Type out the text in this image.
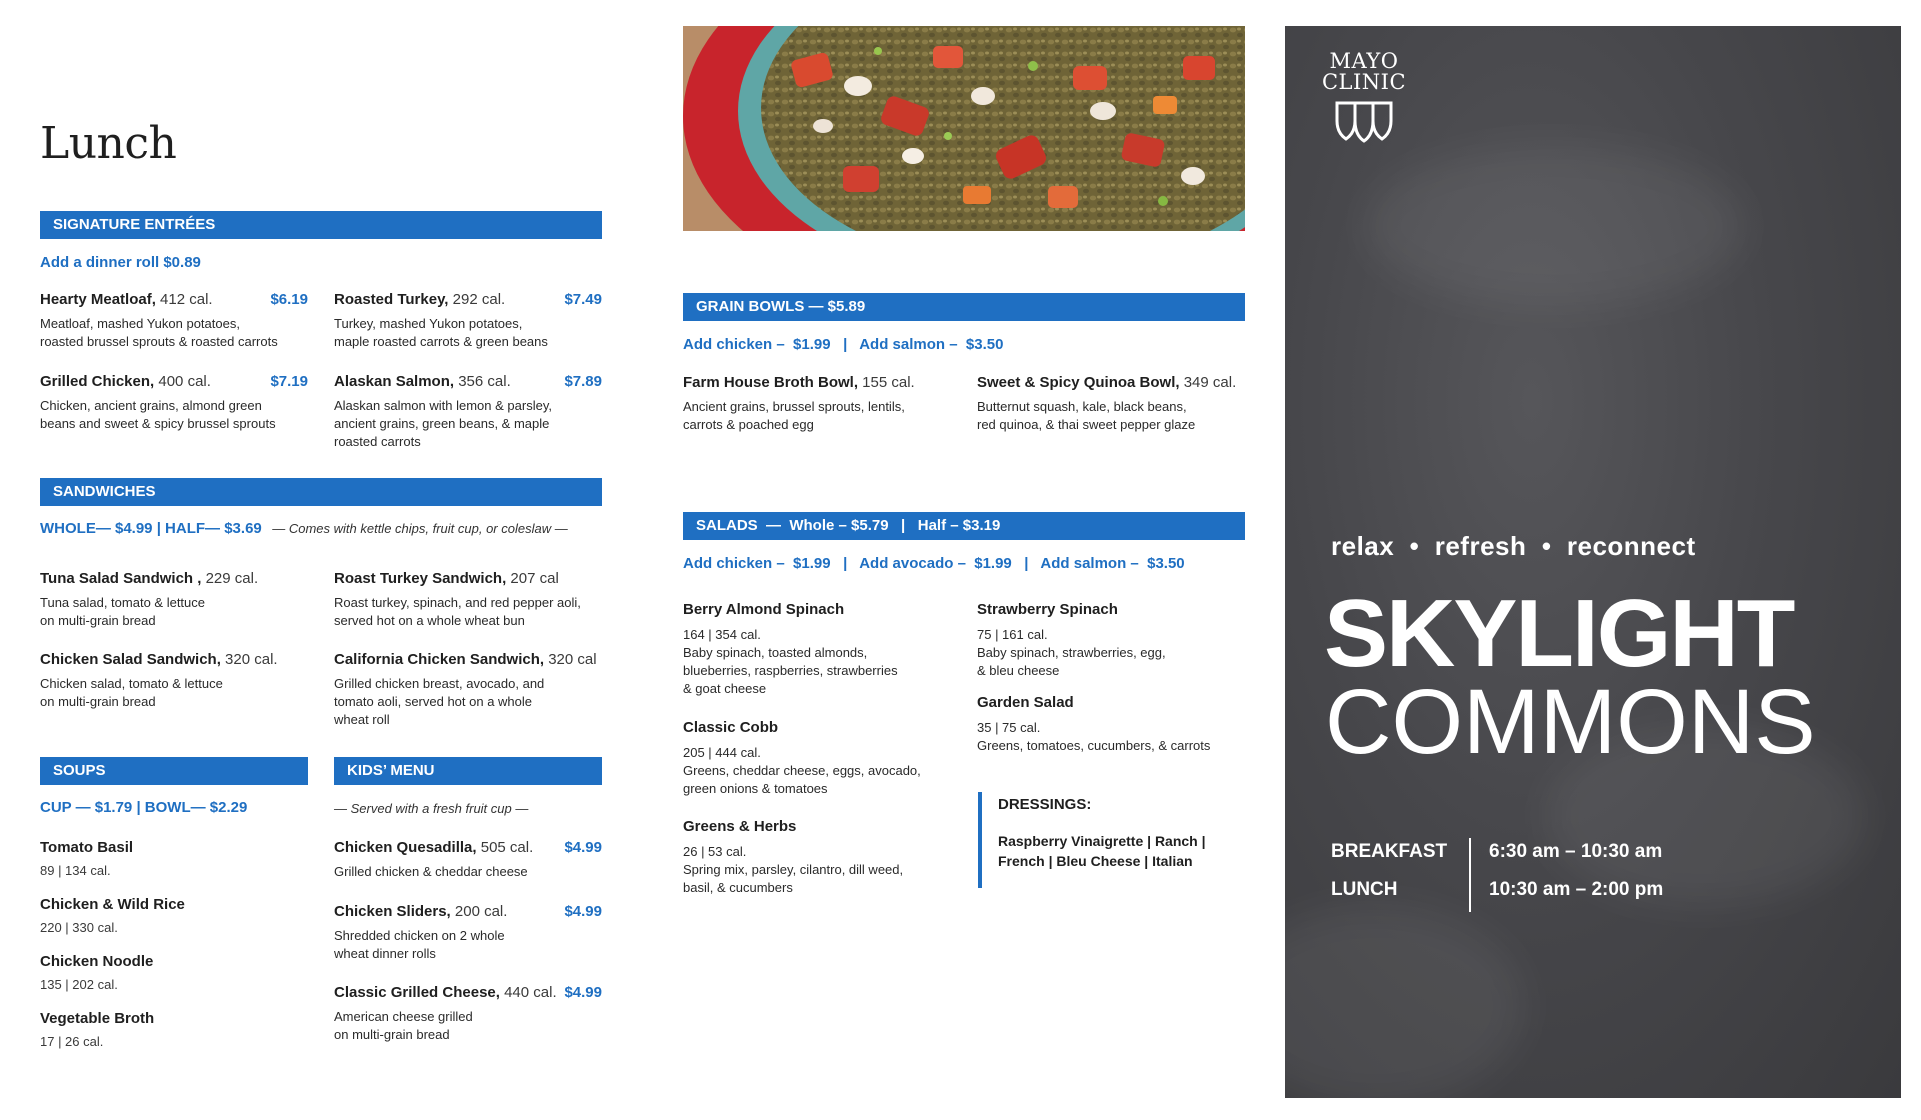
Lunch
SIGNATURE ENTRÉES
Add a dinner roll $0.89
Hearty Meatloaf, 412 cal.	$6.19
Meatloaf, mashed Yukon potatoes,
roasted brussel sprouts & roasted carrots
Roasted Turkey, 292 cal.	$7.49
Turkey, mashed Yukon potatoes,
maple roasted carrots & green beans
Grilled Chicken, 400 cal.	$7.19
Chicken, ancient grains, almond green
beans and sweet & spicy brussel sprouts
Alaskan Salmon, 356 cal.	$7.89
Alaskan salmon with lemon & parsley,
ancient grains, green beans, & maple
roasted carrots
SANDWICHES
WHOLE— $4.99 | HALF— $3.69 — Comes with kettle chips, fruit cup, or coleslaw —
Tuna Salad Sandwich , 229 cal.
Tuna salad, tomato & lettuce
on multi-grain bread
Roast Turkey Sandwich, 207 cal
Roast turkey, spinach, and red pepper aoli,
served hot on a whole wheat bun
Chicken Salad Sandwich, 320 cal.
Chicken salad, tomato & lettuce
on multi-grain bread
California Chicken Sandwich, 320 cal
Grilled chicken breast, avocado, and
tomato aoli, served hot on a whole
wheat roll
SOUPS
CUP — $1.79 | BOWL— $2.29
Tomato Basil
89 | 134 cal.
Chicken & Wild Rice
220 | 330 cal.
Chicken Noodle
135 | 202 cal.
Vegetable Broth
17 | 26 cal.
KIDS’ MENU
— Served with a fresh fruit cup —
Chicken Quesadilla, 505 cal.	$4.99
Grilled chicken & cheddar cheese
Chicken Sliders, 200 cal.	$4.99
Shredded chicken on 2 whole
wheat dinner rolls
Classic Grilled Cheese, 440 cal. $4.99
American cheese grilled
on multi-grain bread
GRAIN BOWLS — $5.89
Add chicken –  $1.99   |   Add salmon –  $3.50
Farm House Broth Bowl, 155 cal.
Ancient grains, brussel sprouts, lentils,
carrots & poached egg
Sweet & Spicy Quinoa Bowl, 349 cal.
Butternut squash, kale, black beans,
red quinoa, & thai sweet pepper glaze
SALADS  —  Whole – $5.79   |   Half – $3.19
Add chicken –  $1.99   |   Add avocado –  $1.99   |   Add salmon –  $3.50
Berry Almond Spinach
164 | 354 cal.
Baby spinach, toasted almonds,
blueberries, raspberries, strawberries
& goat cheese
Strawberry Spinach
75 | 161 cal.
Baby spinach, strawberries, egg,
& bleu cheese
Classic Cobb
205 | 444 cal.
Greens, cheddar cheese, eggs, avocado,
green onions & tomatoes
Garden Salad
35 | 75 cal.
Greens, tomatoes, cucumbers, & carrots
Greens & Herbs
26 | 53 cal.
Spring mix, parsley, cilantro, dill weed,
basil, & cucumbers
DRESSINGS:
Raspberry Vinaigrette | Ranch |
French | Bleu Cheese | Italian
MAYO
CLINIC
relax  •  refresh  •  reconnect
SKYLIGHT
COMMONS
BREAKFAST 6:30 am – 10:30 am
LUNCH	10:30 am – 2:00 pm
